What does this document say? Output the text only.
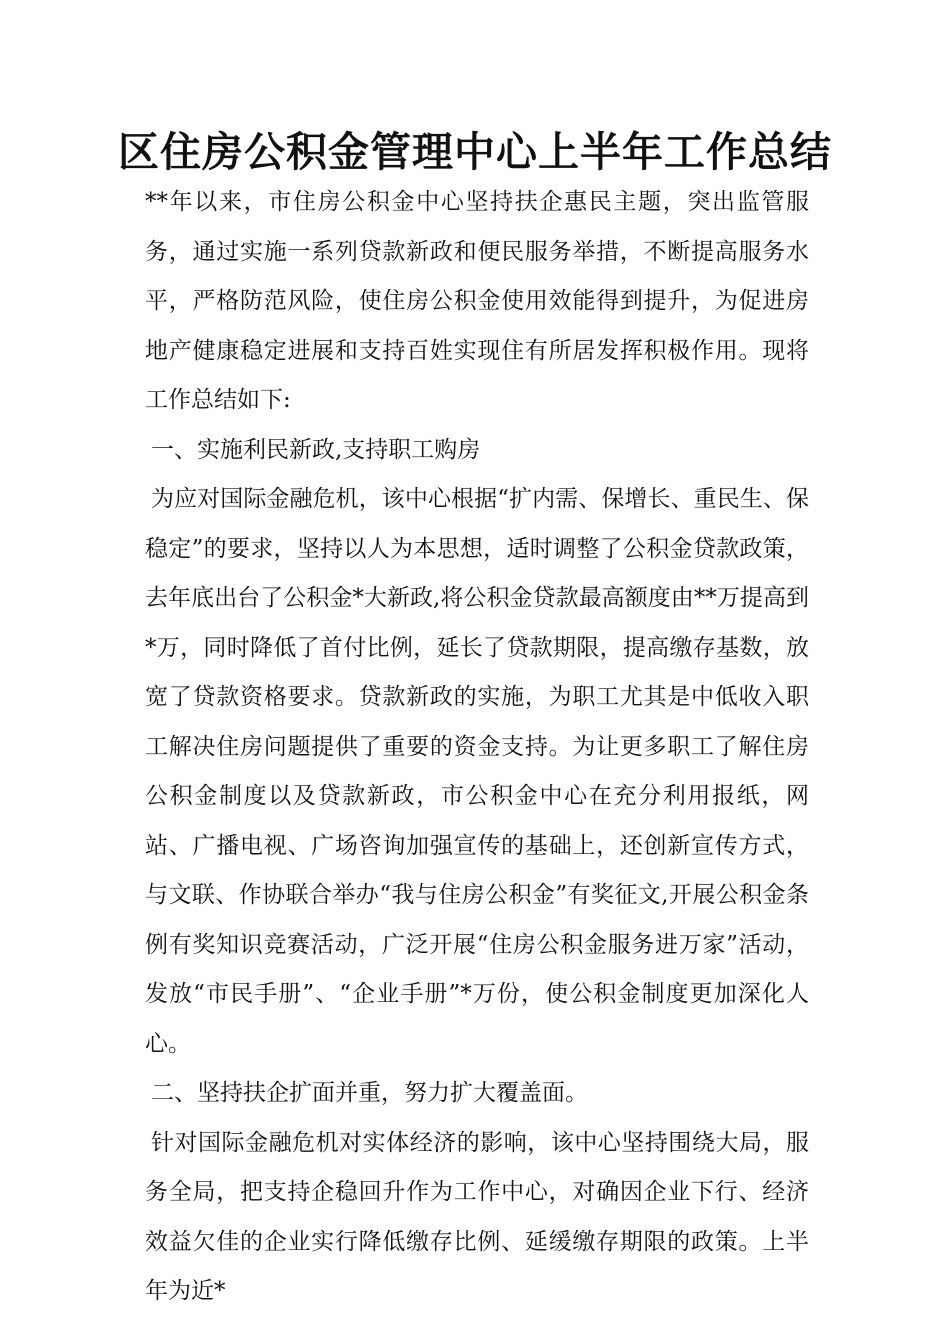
区住房公积金管理中心上半年工作总结

**年以来，市住房公积金中心坚持扶企惠民主题，突出监管服务，通过实施一系列贷款新政和便民服务举措，不断提高服务水平，严格防范风险，使住房公积金使用效能得到提升，为促进房地产健康稳定进展和支持百姓实现住有所居发挥积极作用。现将工作总结如下:

一、实施利民新政,支持职工购房

为应对国际金融危机，该中心根据“扩内需、保增长、重民生、保稳定”的要求，坚持以人为本思想，适时调整了公积金贷款政策，去年底出台了公积金*大新政,将公积金贷款最高额度由**万提高到*万，同时降低了首付比例，延长了贷款期限，提高缴存基数，放宽了贷款资格要求。贷款新政的实施，为职工尤其是中低收入职工解决住房问题提供了重要的资金支持。为让更多职工了解住房公积金制度以及贷款新政，市公积金中心在充分利用报纸，网站、广播电视、广场咨询加强宣传的基础上，还创新宣传方式，与文联、作协联合举办“我与住房公积金”有奖征文,开展公积金条例有奖知识竞赛活动，广泛开展“住房公积金服务进万家”活动，发放“市民手册”、“企业手册”*万份，使公积金制度更加深化人心。

二、坚持扶企扩面并重，努力扩大覆盖面。

针对国际金融危机对实体经济的影响，该中心坚持围绕大局，服务全局，把支持企稳回升作为工作中心，对确因企业下行、经济效益欠佳的企业实行降低缴存比例、延缓缴存期限的政策。上半年为近*
